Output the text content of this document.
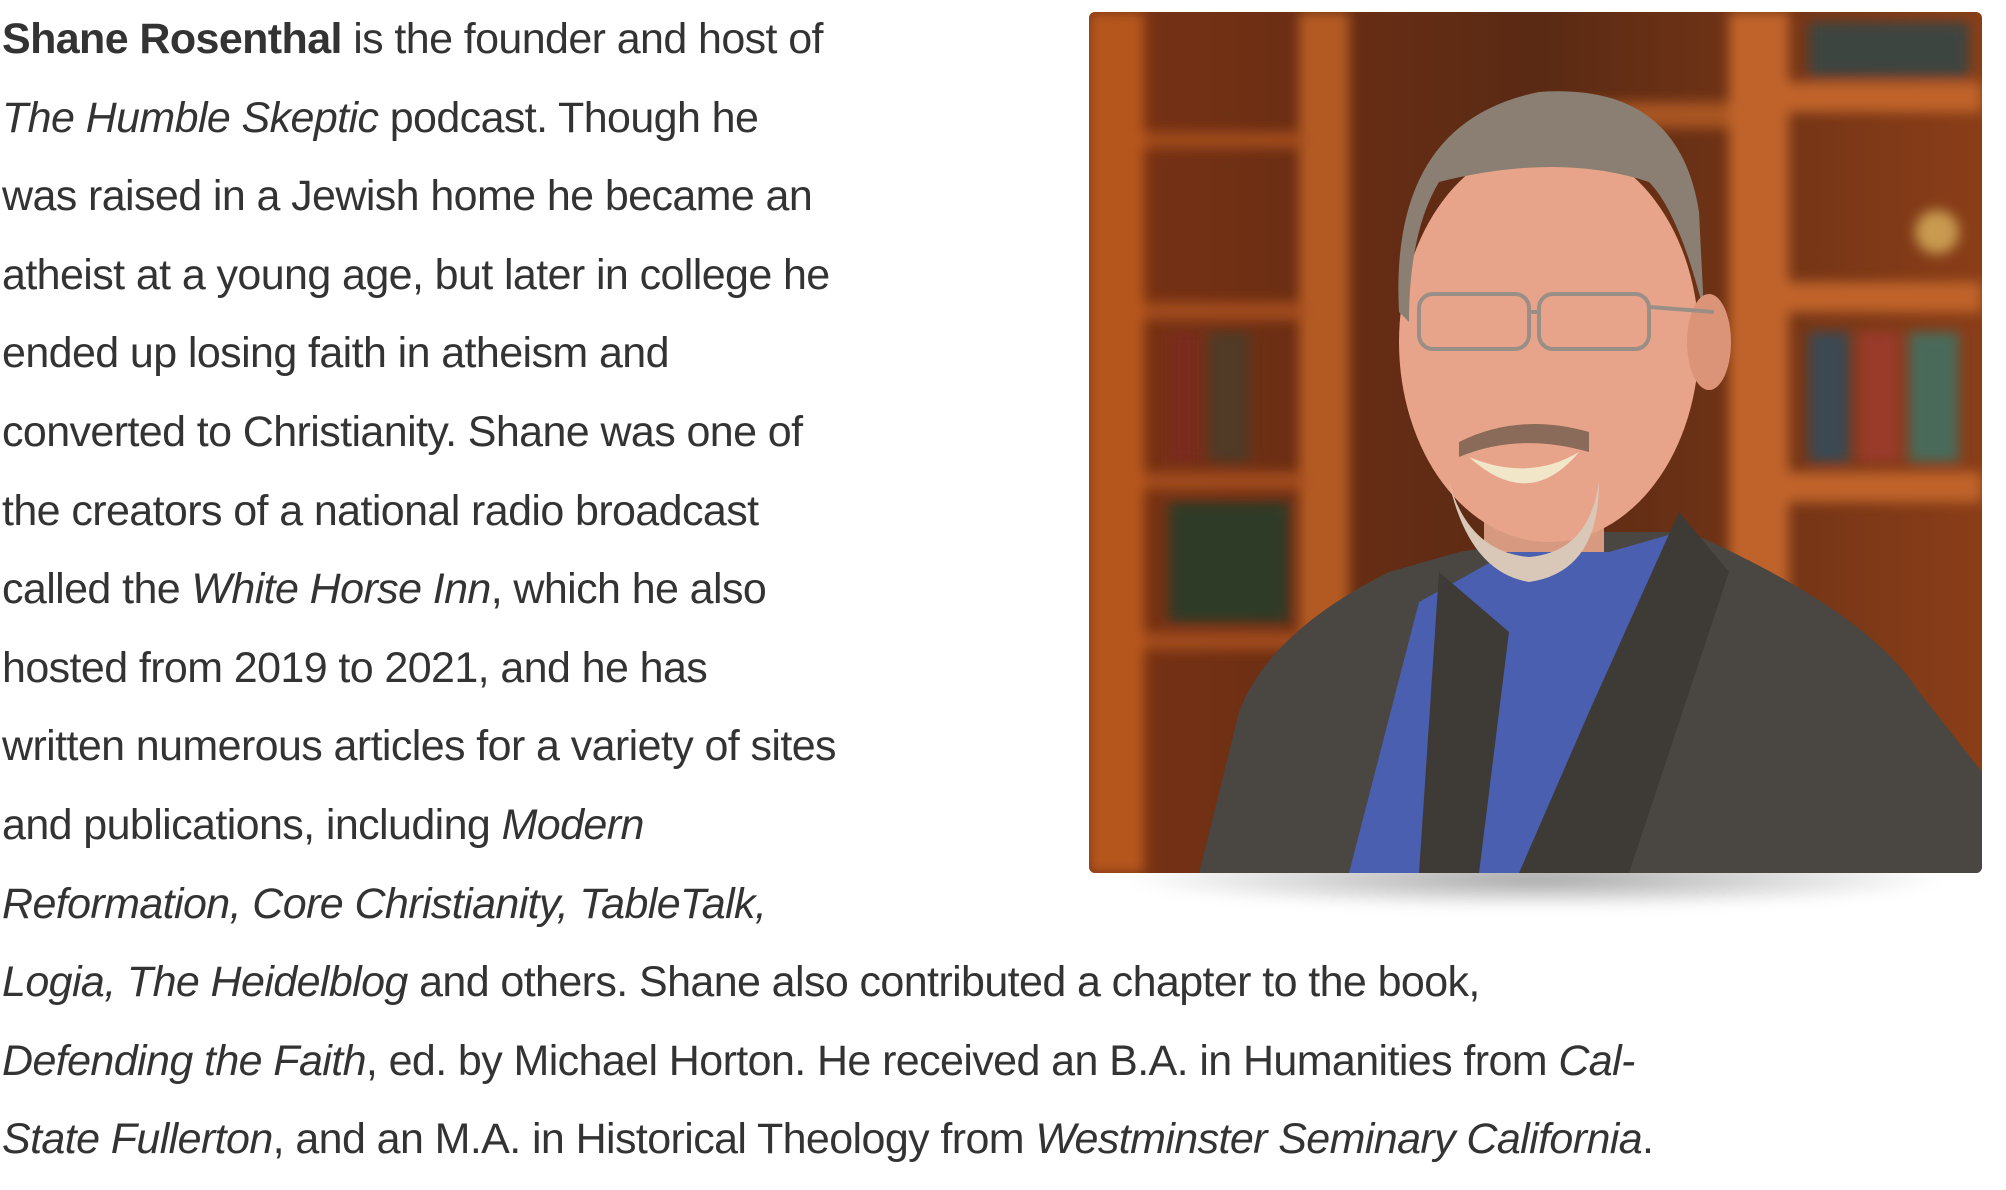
Shane Rosenthal is the founder and host of
The Humble Skeptic podcast. Though he
was raised in a Jewish home he became an
atheist at a young age, but later in college he
ended up losing faith in atheism and
converted to Christianity. Shane was one of
the creators of a national radio broadcast
called the White Horse Inn, which he also
hosted from 2019 to 2021, and he has
written numerous articles for a variety of sites
and publications, including Modern
Reformation, Core Christianity, TableTalk,
Logia, The Heidelblog and others. Shane also contributed a chapter to the book,
Defending the Faith, ed. by Michael Horton. He received an B.A. in Humanities from Cal-
State Fullerton, and an M.A. in Historical Theology from Westminster Seminary California.
